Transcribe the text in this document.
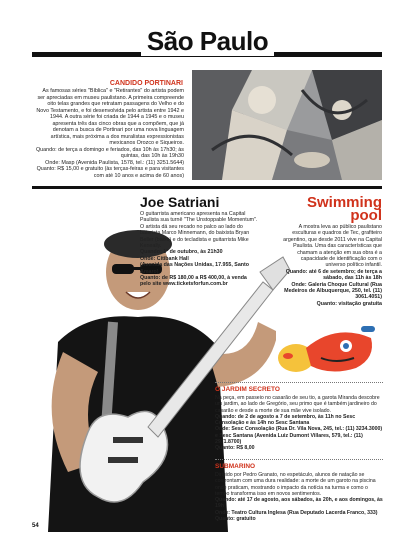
São Paulo
CANDIDO PORTINARI

As famosas séries "Bíblica" e "Retirantes" do artista podem ser apreciadas em museu paulistano. A primeira compreende oito telas grandes que retratam passagens do Velho e do Novo Testamento, e foi desenvolvida pelo artista entre 1942 e 1944. A outra série foi criada de 1944 a 1945 e o museu apresenta três das cinco obras que a compõem, que já denotam a busca de Portinari por uma nova linguagem artística, mais próxima a dos muralistas expressionistas mexicanos Orozco e Siqueiros.

Quando: de terça a domingo e feriados, das 10h às 17h30; às quintas, das 10h às 19h30

Onde: Masp (Avenida Paulista, 1578, tel.: (11) 3251.5644)

Quanto: R$ 15,00 e gratuito (às terças-feiras e para visitantes com até 10 anos e acima de 60 anos)

Joe Satriani

O guitarrista americano apresenta na Capital Paulista sua turnê "The Unstoppable Momentum". O artista dá seu recado no palco ao lado do baterista Marco Minnemann, do baixista Bryan Beller (baixo) e do tecladista e guitarrista Mike Keneally.

Quando: 1º de outubro, às 21h30

Onde: Citibank Hall

(Avenida das Nações Unidas, 17.955, Santo Amaro)

Quanto: de R$ 180,00 a R$ 400,00, à venda pelo site www.ticketsforfun.com.br

Swimming
pool

A mostra leva ao público paulistano esculturas e quadros de Tec, grafiteiro argentino, que desde 2011 vive na Capital Paulista. Uma das características que chamam a atenção em sua obra é a capacidade de identificação com o universo político infantil.

Quando: até 6 de setembro; de terça a sábado, das 11h às 18h

Onde: Galeria Choque Cultural (Rua Medeiros de Albuquerque, 250, tel. (11) 3061.4051)

Quanto: visitação gratuita

O JARDIM SECRETO

Na peça, em passeio no casarão de seu tio, a garota Miranda descobre um jardim, ao lado de Gregório, seu primo que é também jardineiro do casarão e desde a morte de sua mãe vive isolado.

Quando: de 2 de agosto a 7 de setembro, às 11h no Sesc Consolação e às 14h no Sesc Santana

Onde: Sesc Consolação (Rua Dr. Vila Nova, 245, tel.: (11) 3234.3000) e Sesc Santana (Avenida Luiz Dumont Villares, 579, tel.: (11) 2971.8700)

Quanto: R$ 8,00

SUBMARINO

Dirigido por Pedro Granato, no espetáculo, alunos de natação se confrontam com uma dura realidade: a morte de um garoto na piscina onde praticam, mostrando o impacto da notícia na turma e como o tempo transforma isso em novos sentimentos.

Quando: até 17 de agosto, aos sábados, às 20h, e aos domingos, às 19h

Onde: Teatro Cultura Inglesa (Rua Deputado Lacerda Franco, 333)

Quanto: gratuito

54
